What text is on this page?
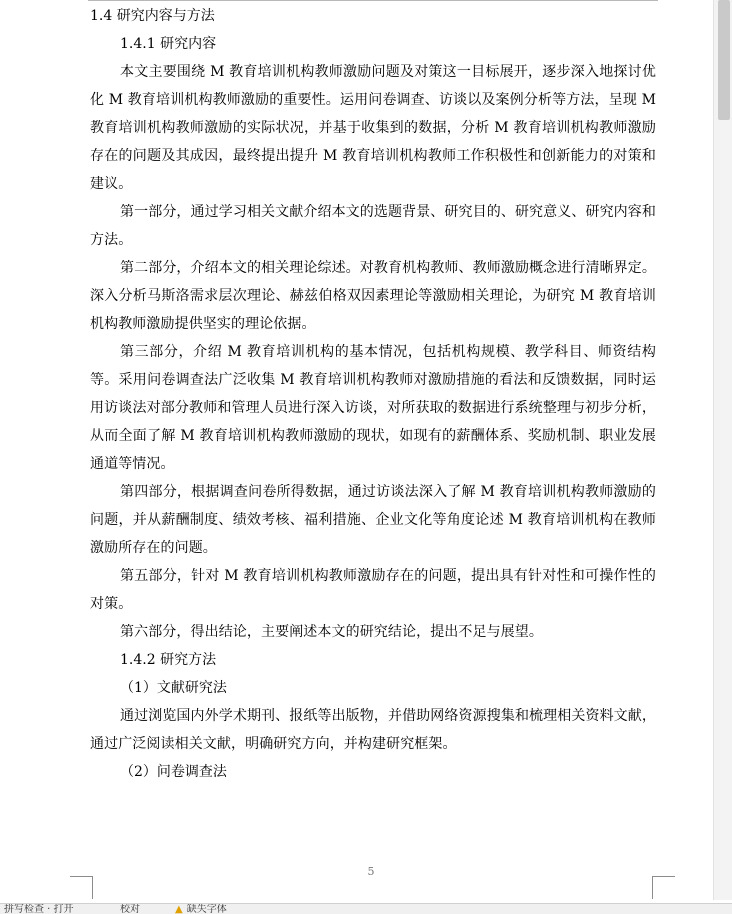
1.4 研究内容与方法
1.4.1 研究内容

本文主要围绕 M 教育培训机构教师激励问题及对策这一目标展开，逐步深入地探讨优化 M 教育培训机构教师激励的重要性。运用问卷调查、访谈以及案例分析等方法，呈现 M 教育培训机构教师激励的实际状况，并基于收集到的数据，分析 M 教育培训机构教师激励存在的问题及其成因，最终提出提升 M 教育培训机构教师工作积极性和创新能力的对策和建议。

第一部分，通过学习相关文献介绍本文的选题背景、研究目的、研究意义、研究内容和方法。

第二部分，介绍本文的相关理论综述。对教育机构教师、教师激励概念进行清晰界定。深入分析马斯洛需求层次理论、赫兹伯格双因素理论等激励相关理论，为研究 M 教育培训机构教师激励提供坚实的理论依据。

第三部分，介绍 M 教育培训机构的基本情况，包括机构规模、教学科目、师资结构等。采用问卷调查法广泛收集 M 教育培训机构教师对激励措施的看法和反馈数据，同时运用访谈法对部分教师和管理人员进行深入访谈，对所获取的数据进行系统整理与初步分析，从而全面了解 M 教育培训机构教师激励的现状，如现有的薪酬体系、奖励机制、职业发展通道等情况。

第四部分，根据调查问卷所得数据，通过访谈法深入了解 M 教育培训机构教师激励的问题，并从薪酬制度、绩效考核、福利措施、企业文化等角度论述 M 教育培训机构在教师激励所存在的问题。

第五部分，针对 M 教育培训机构教师激励存在的问题，提出具有针对性和可操作性的对策。

第六部分，得出结论，主要阐述本文的研究结论，提出不足与展望。

1.4.2 研究方法
（1）文献研究法

通过浏览国内外学术期刊、报纸等出版物，并借助网络资源搜集和梳理相关资料文献，通过广泛阅读相关文献，明确研究方向，并构建研究框架。

（2）问卷调查法
5
拼写检查 · 打开	校对	▲ 缺失字体
